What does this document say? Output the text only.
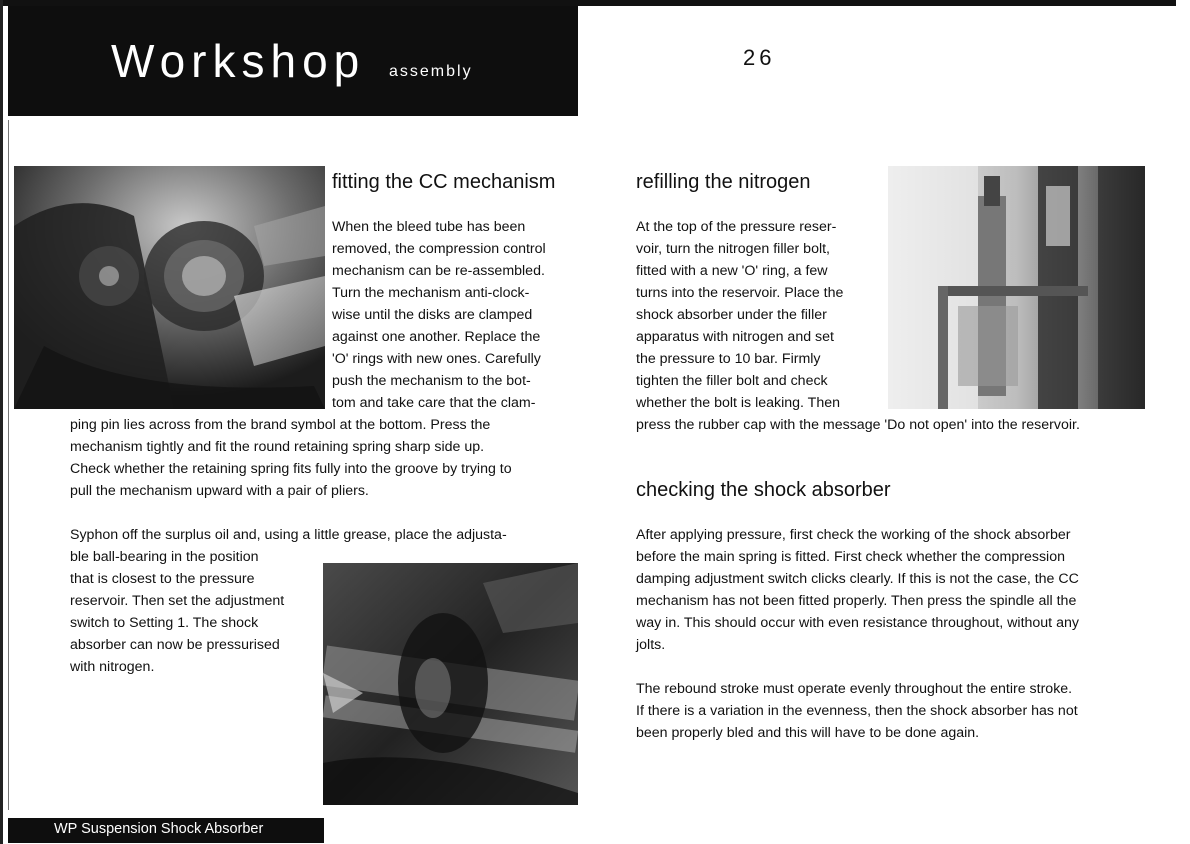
Workshop assembly
26
fitting the CC mechanism
When the bleed tube has been
removed, the compression control
mechanism can be re-assembled.
Turn the mechanism anti-clock-
wise until the disks are clamped
against one another. Replace the
'O' rings with new ones. Carefully
push the mechanism to the bot-
tom and take care that the clam-
ping pin lies across from the brand symbol at the bottom. Press the
mechanism tightly and fit the round retaining spring sharp side up.
Check whether the retaining spring fits fully into the groove by trying to
pull the mechanism upward with a pair of pliers.
Syphon off the surplus oil and, using a little grease, place the adjusta-
ble ball-bearing in the position
that is closest to the pressure
reservoir. Then set the adjustment
switch to Setting 1. The shock
absorber can now be pressurised
with nitrogen.
refilling the nitrogen
At the top of the pressure reser-
voir, turn the nitrogen filler bolt,
fitted with a new 'O' ring, a few
turns into the reservoir. Place the
shock absorber under the filler
apparatus with nitrogen and set
the pressure to 10 bar. Firmly
tighten the filler bolt and check
whether the bolt is leaking. Then
press the rubber cap with the message 'Do not open' into the reservoir.
checking the shock absorber
After applying pressure, first check the working of the shock absorber
before the main spring is fitted. First check whether the compression
damping adjustment switch clicks clearly. If this is not the case, the CC
mechanism has not been fitted properly. Then press the spindle all the
way in. This should occur with even resistance throughout, without any
jolts.
The rebound stroke must operate evenly throughout the entire stroke.
If there is a variation in the evenness, then the shock absorber has not
been properly bled and this will have to be done again.
WP Suspension Shock Absorber
